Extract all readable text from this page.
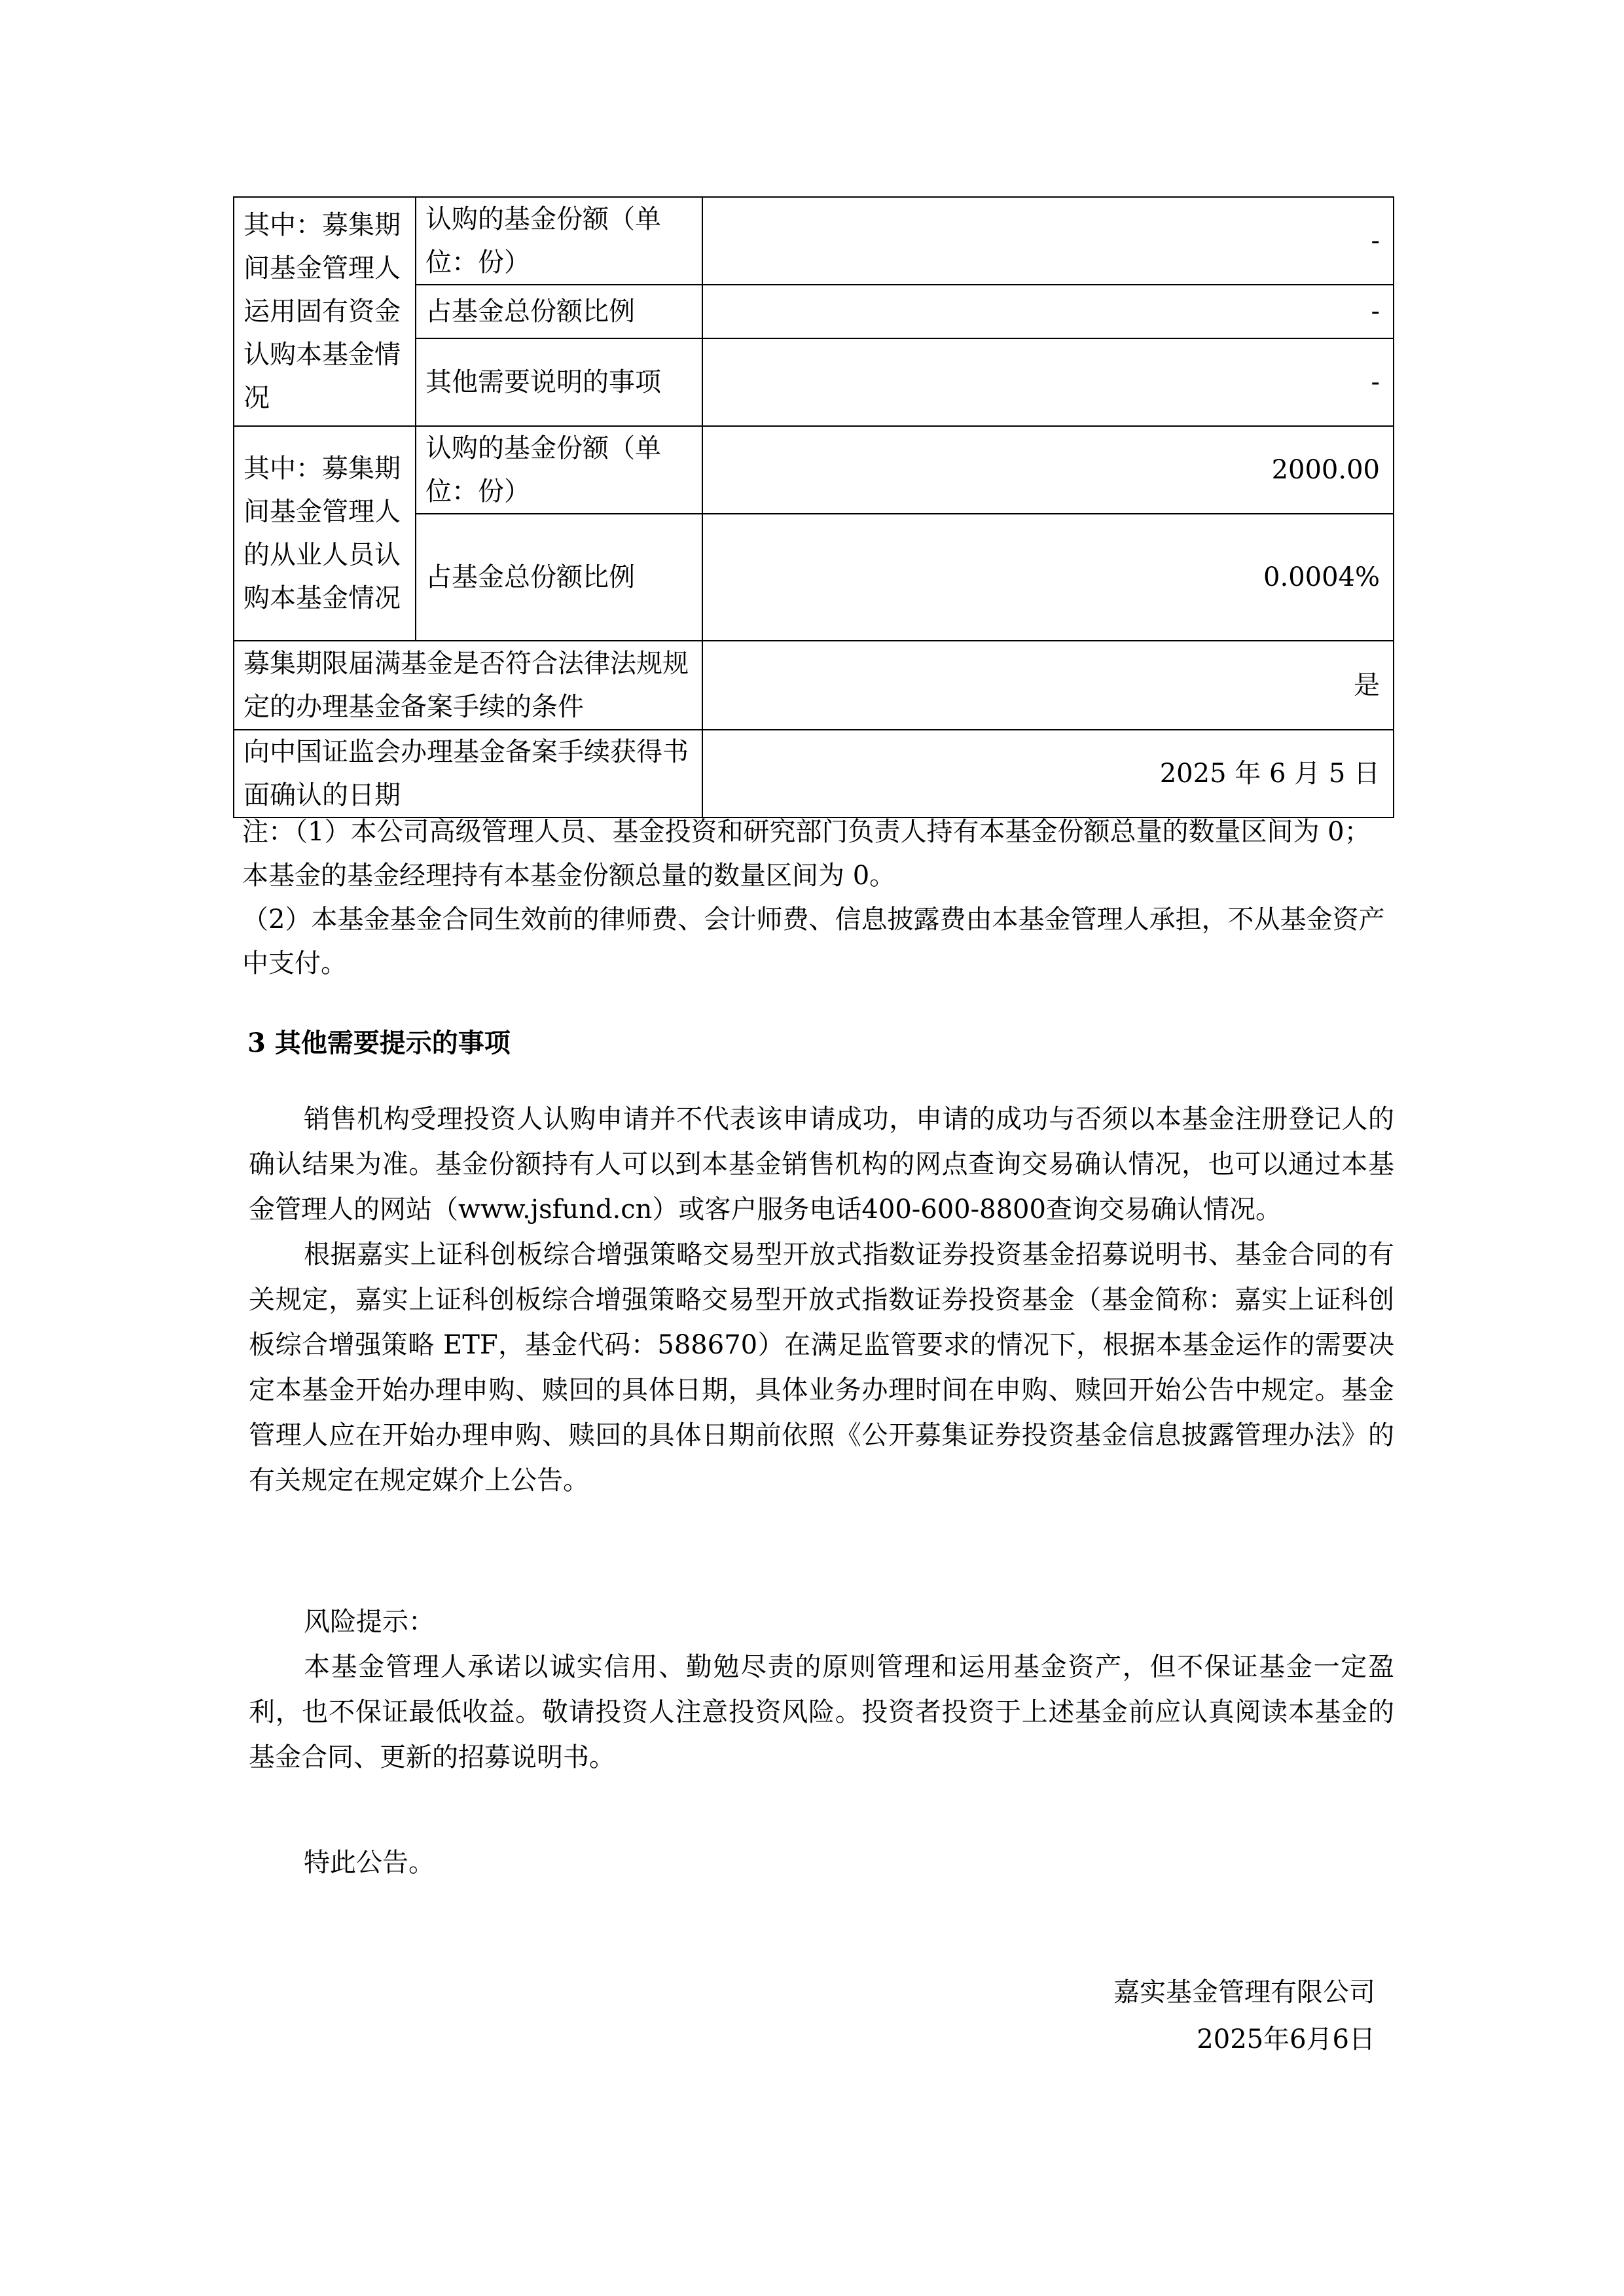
其中：募集期间基金管理人运用固有资金认购本基金情况	认购的基金份额（单位：份）	-
	占基金总份额比例	-
	其他需要说明的事项	-
其中：募集期间基金管理人的从业人员认购本基金情况	认购的基金份额（单位：份）	2000.00
	占基金总份额比例	0.0004%
募集期限届满基金是否符合法律法规规定的办理基金备案手续的条件		是
向中国证监会办理基金备案手续获得书面确认的日期		2025 年 6 月 5 日

注：（1）本公司高级管理人员、基金投资和研究部门负责人持有本基金份额总量的数量区间为 0；本基金的基金经理持有本基金份额总量的数量区间为 0。

（2）本基金基金合同生效前的律师费、会计师费、信息披露费由本基金管理人承担，不从基金资产中支付。

3 其他需要提示的事项

销售机构受理投资人认购申请并不代表该申请成功，申请的成功与否须以本基金注册登记人的确认结果为准。基金份额持有人可以到本基金销售机构的网点查询交易确认情况，也可以通过本基金管理人的网站（www.jsfund.cn）或客户服务电话400-600-8800查询交易确认情况。

根据嘉实上证科创板综合增强策略交易型开放式指数证券投资基金招募说明书、基金合同的有关规定，嘉实上证科创板综合增强策略交易型开放式指数证券投资基金（基金简称：嘉实上证科创板综合增强策略 ETF，基金代码：588670）在满足监管要求的情况下，根据本基金运作的需要决定本基金开始办理申购、赎回的具体日期，具体业务办理时间在申购、赎回开始公告中规定。基金管理人应在开始办理申购、赎回的具体日期前依照《公开募集证券投资基金信息披露管理办法》的有关规定在规定媒介上公告。

风险提示：

本基金管理人承诺以诚实信用、勤勉尽责的原则管理和运用基金资产，但不保证基金一定盈利，也不保证最低收益。敬请投资人注意投资风险。投资者投资于上述基金前应认真阅读本基金的基金合同、更新的招募说明书。

特此公告。

嘉实基金管理有限公司
2025年6月6日
